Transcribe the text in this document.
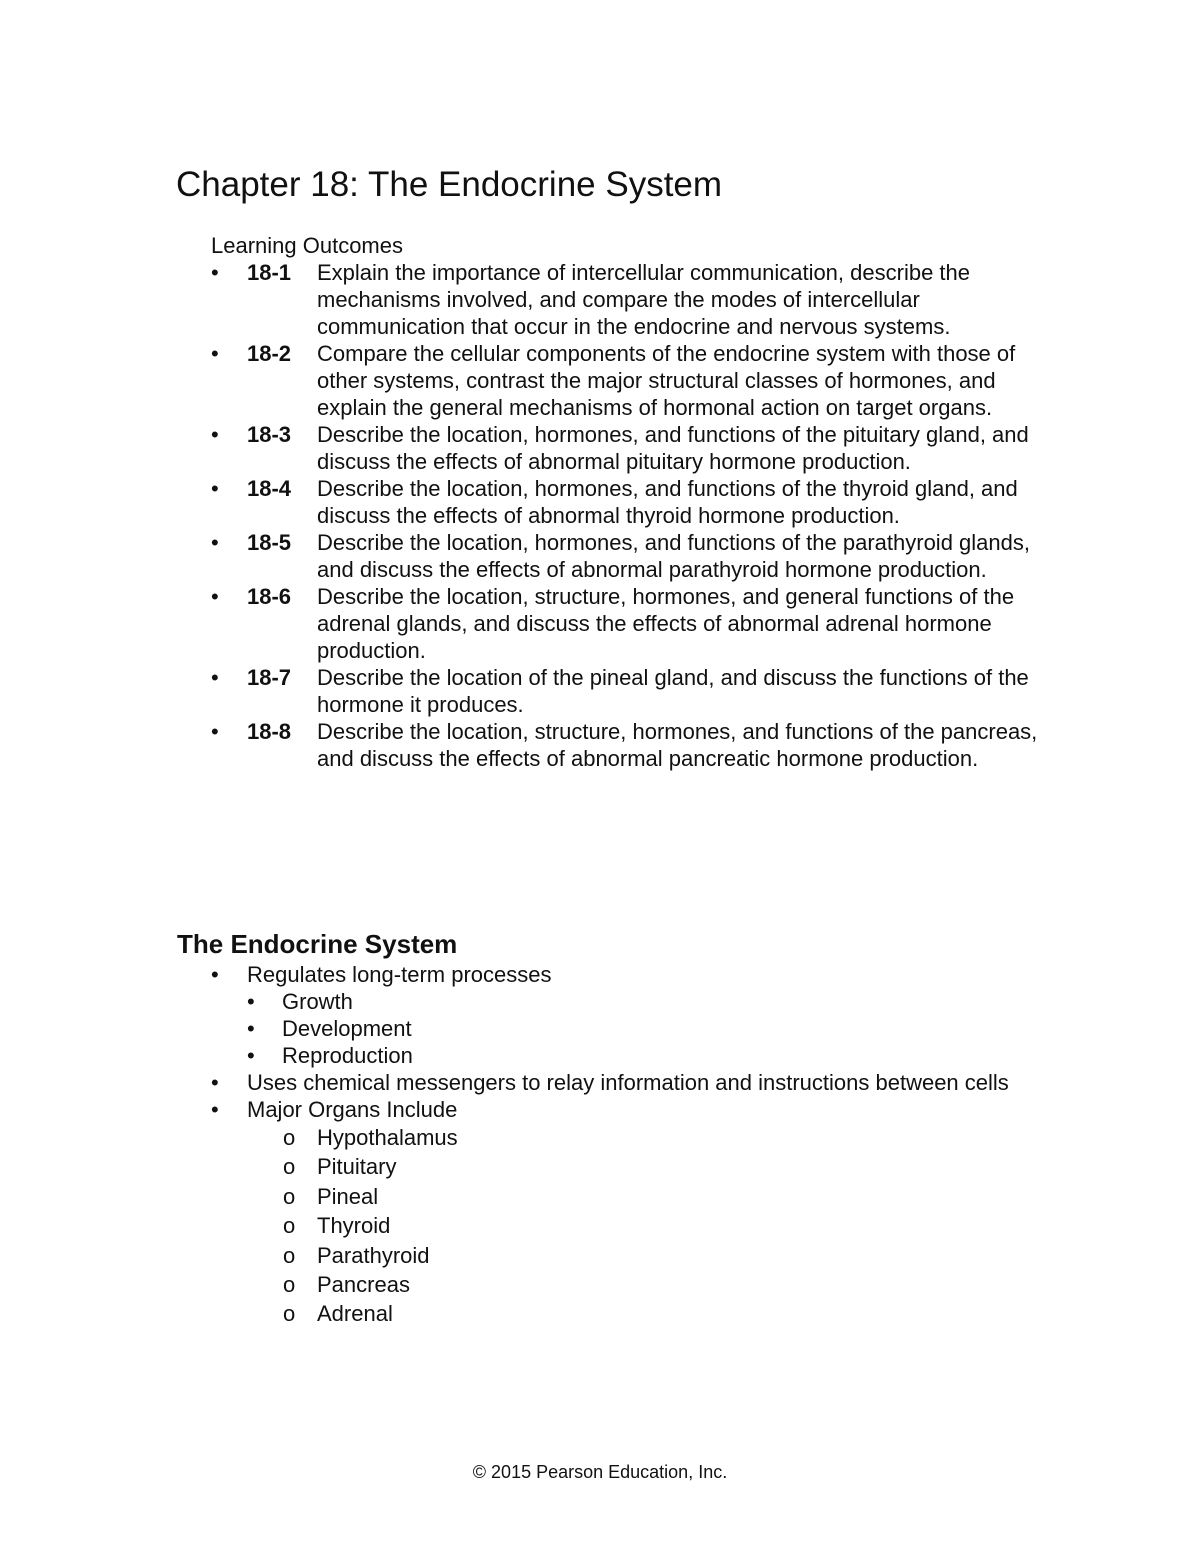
Chapter 18: The Endocrine System
Learning Outcomes
•	18-1 Explain the importance of intercellular communication, describe the mechanisms involved, and compare the modes of intercellular communication that occur in the endocrine and nervous systems.
•	18-2 Compare the cellular components of the endocrine system with those of other systems, contrast the major structural classes of hormones, and explain the general mechanisms of hormonal action on target organs.
•	18-3 Describe the location, hormones, and functions of the pituitary gland, and discuss the effects of abnormal pituitary hormone production.
•	18-4 Describe the location, hormones, and functions of the thyroid gland, and discuss the effects of abnormal thyroid hormone production.
•	18-5 Describe the location, hormones, and functions of the parathyroid glands, and discuss the effects of abnormal parathyroid hormone production.
•	18-6 Describe the location, structure, hormones, and general functions of the adrenal glands, and discuss the effects of abnormal adrenal hormone production.
•	18-7 Describe the location of the pineal gland, and discuss the functions of the hormone it produces.
•	18-8 Describe the location, structure, hormones, and functions of the pancreas, and discuss the effects of abnormal pancreatic hormone production.
The Endocrine System
• Regulates long-term processes
• Growth
• Development
• Reproduction
• Uses chemical messengers to relay information and instructions between cells
• Major Organs Include
o Hypothalamus
o Pituitary
o Pineal
o Thyroid
o Parathyroid
o Pancreas
o Adrenal
© 2015 Pearson Education, Inc.
